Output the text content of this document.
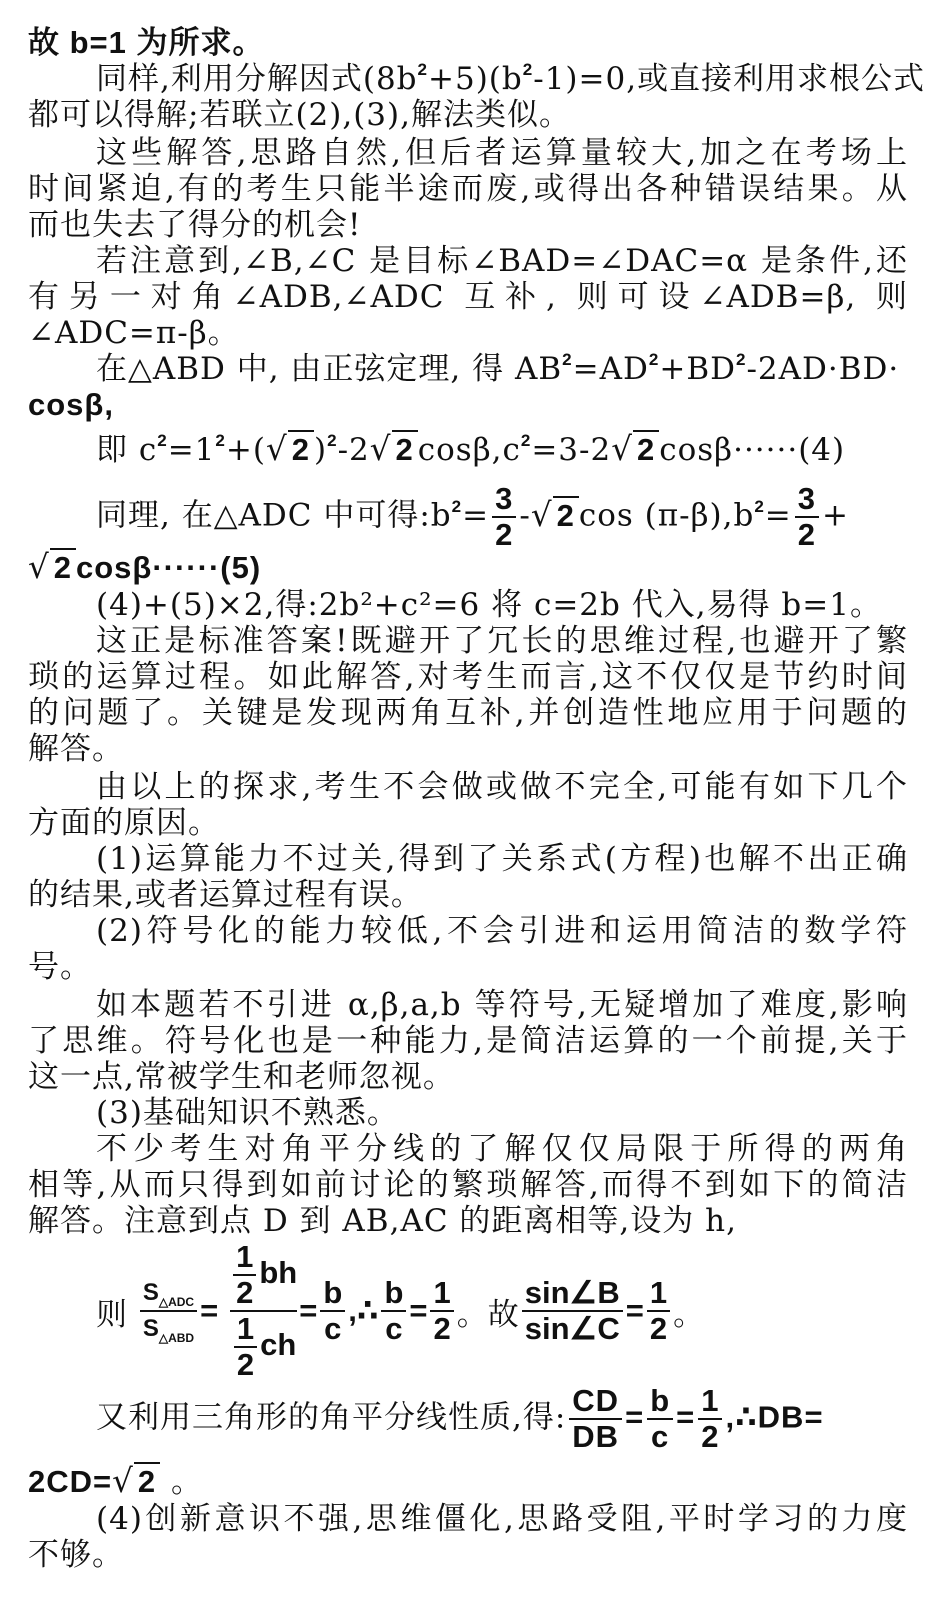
故 b=1 为所求。
同样,利用分解因式$(8b^2+5)(b^2-1)=0$,或直接利用求根公式
都可以得解;若联立(2),(3),解法类似。
这些解答,思路自然,但后者运算量较大,加之在考场上
时间紧迫,有的考生只能半途而废,或得出各种错误结果。从
而也失去了得分的机会!
若注意到,∠B,∠C 是目标∠BAD=∠DAC=α 是条件,还
有另一对角∠ADB,∠ADC 互补, 则可设∠ADB=β, 则
∠ADC=π-β。
在△ABD 中, 由正弦定理, 得 $AB^2=AD^2+BD^2-2AD\cdot BD\cdot$
cosβ,
即 $c^2=1^2+(√$ 2 )$^2$-2√ 2 $\cos\beta,c^2=3-2√$ 2 cosβ······(4)
同理, 在△ADC 中可得$:b^2= \frac{3}{2}$ -√ 2 $\cos (\pi-\beta),b^2= \frac{3}{2}$ +
√ 2 cosβ······(5)
(4)+(5)×2,得:2b²+c²=6 将 c=2b 代入,易得 b=1。
这正是标准答案!既避开了冗长的思维过程,也避开了繁
琐的运算过程。如此解答,对考生而言,这不仅仅是节约时间
的问题了。关键是发现两角互补,并创造性地应用于问题的
解答。
由以上的探求,考生不会做或做不完全,可能有如下几个
方面的原因。
(1)运算能力不过关,得到了关系式(方程)也解不出正确
的结果,或者运算过程有误。
(2)符号化的能力较低,不会引进和运用简洁的数学符
号。
如本题若不引进 α,β,a,b 等符号,无疑增加了难度,影响
了思维。符号化也是一种能力,是简洁运算的一个前提,关于
这一点,常被学生和老师忽视。
(3)基础知识不熟悉。
不少考生对角平分线的了解仅仅局限于所得的两角
相等,从而只得到如前讨论的繁琐解答,而得不到如下的简洁
解答。注意到点 D 到 AB,AC 的距离相等,设为 h,
则 $\frac{S_{\triangle ADC}}{S_{\triangle ABD}} = \frac{\frac{1}{2} bh}{\frac{1}{2} ch} = \frac{b}{c}$ ,∴ $\frac{b}{c} = \frac{1}{2}$ 。故 $\frac{\sin\angle B}{\sin\angle C} = \frac{1}{2}$ 。
又利用三角形的角平分线性质,得: $\frac{CD}{DB} = \frac{b}{c} = \frac{1}{2}$ ,∴DB=
2CD=√ 2 。
(4)创新意识不强,思维僵化,思路受阻,平时学习的力度
不够。
